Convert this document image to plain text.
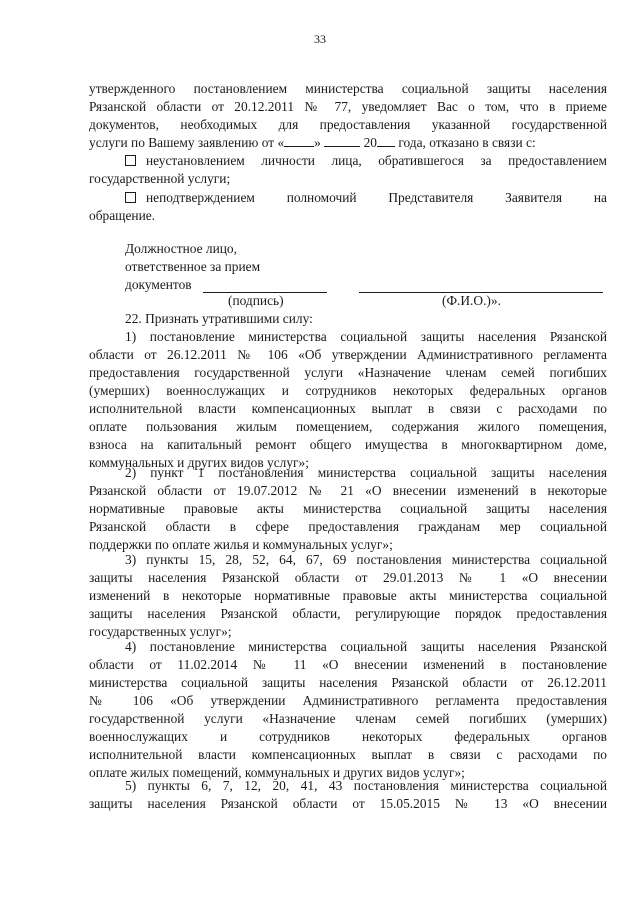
33
утвержденного постановлением министерства социальной защиты населения
Рязанской области от 20.12.2011 № 77, уведомляет Вас о том, что в приеме
документов, необходимых для предоставления указанной государственной
услуги по Вашему заявлению от « »	20 года, отказано в связи с:
неустановлением личности лица, обратившегося за предоставлением
государственной услуги;
неподтверждением полномочий Представителя Заявителя на
обращение.
Должностное лицо,
ответственное за прием
документов
(подпись)	(Ф.И.О.)».
22. Признать утратившими силу:
1) постановление министерства социальной защиты населения Рязанской
области от 26.12.2011 № 106 «Об утверждении Административного регламента
предоставления государственной услуги «Назначение членам семей погибших
(умерших) военнослужащих и сотрудников некоторых федеральных органов
исполнительной власти компенсационных выплат в связи с расходами по
оплате пользования жилым помещением, содержания жилого помещения,
взноса на капитальный ремонт общего имущества в многоквартирном доме,
коммунальных и других видов услуг»;
2) пункт 1 постановления министерства социальной защиты населения
Рязанской области от 19.07.2012 № 21 «О внесении изменений в некоторые
нормативные правовые акты министерства социальной защиты населения
Рязанской области в сфере предоставления гражданам мер социальной
поддержки по оплате жилья и коммунальных услуг»;
3) пункты 15, 28, 52, 64, 67, 69 постановления министерства социальной
защиты населения Рязанской области от 29.01.2013 № 1 «О внесении
изменений в некоторые нормативные правовые акты министерства социальной
защиты населения Рязанской области, регулирующие порядок предоставления
государственных услуг»;
4) постановление министерства социальной защиты населения Рязанской
области от 11.02.2014 № 11 «О внесении изменений в постановление
министерства социальной защиты населения Рязанской области от 26.12.2011
№ 106 «Об утверждении Административного регламента предоставления
государственной услуги «Назначение членам семей погибших (умерших)
военнослужащих и сотрудников некоторых федеральных органов
исполнительной власти компенсационных выплат в связи с расходами по
оплате жилых помещений, коммунальных и других видов услуг»;
5) пункты 6, 7, 12, 20, 41, 43 постановления министерства социальной
защиты населения Рязанской области от 15.05.2015 № 13 «О внесении
